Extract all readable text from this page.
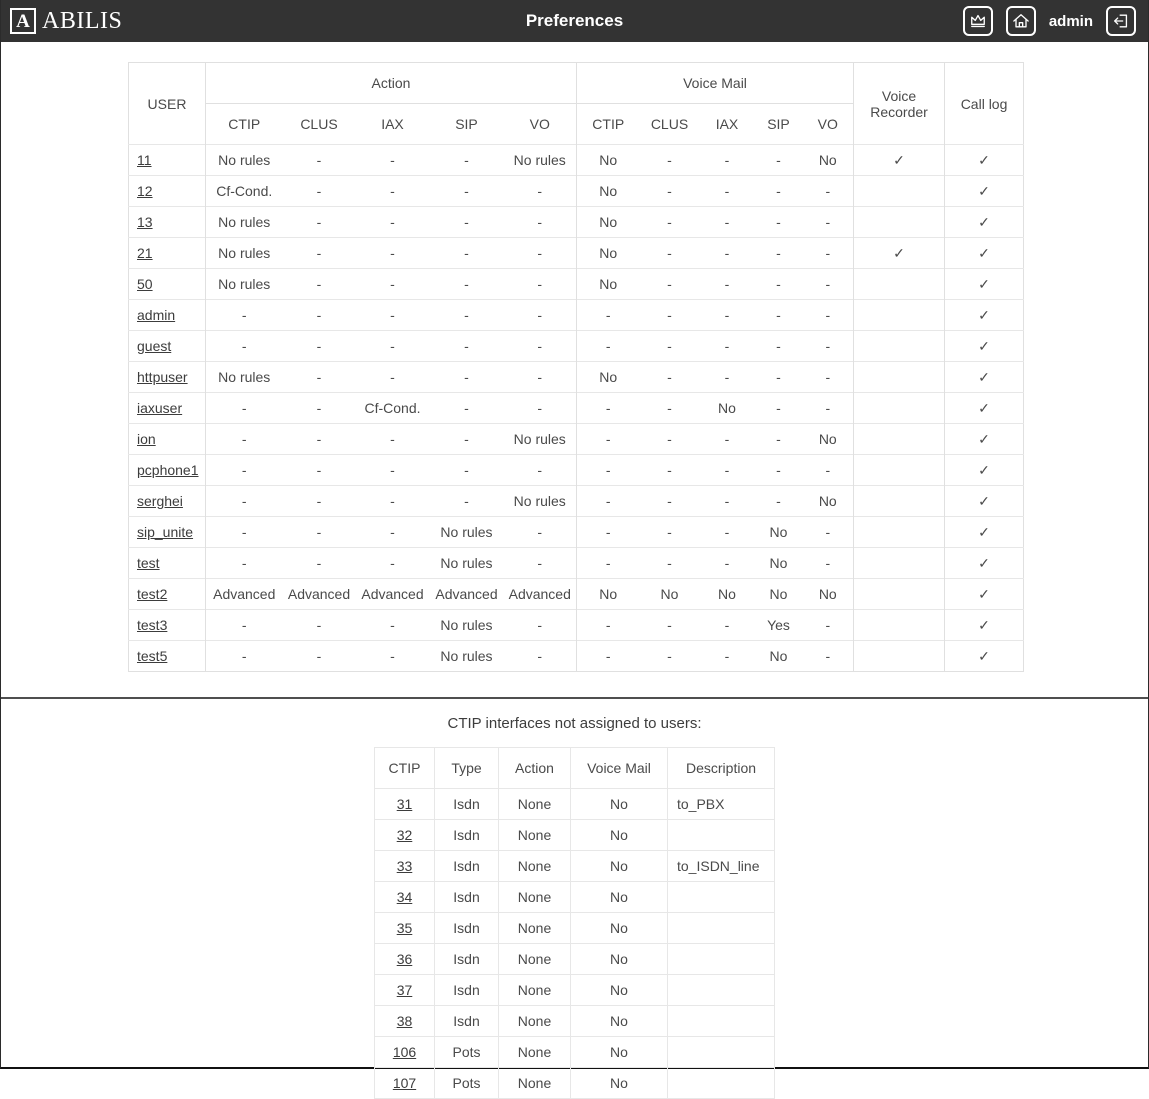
A ABILIS	Preferences	admin
USER	Action					Voice Mail					Voice Recorder	Call log
	CTIP	CLUS	IAX	SIP	VO	CTIP	CLUS	IAX	SIP	VO		
11	No rules	-	-	-	No rules	No	-	-	-	No	✓	✓
12	Cf-Cond.	-	-	-	-	No	-	-	-	-		✓
13	No rules	-	-	-	-	No	-	-	-	-		✓
21	No rules	-	-	-	-	No	-	-	-	-	✓	✓
50	No rules	-	-	-	-	No	-	-	-	-		✓
admin	-	-	-	-	-	-	-	-	-	-		✓
guest	-	-	-	-	-	-	-	-	-	-		✓
httpuser	No rules	-	-	-	-	No	-	-	-	-		✓
iaxuser	-	-	Cf-Cond.	-	-	-	-	No	-	-		✓
ion	-	-	-	-	No rules	-	-	-	-	No		✓
pcphone1	-	-	-	-	-	-	-	-	-	-		✓
serghei	-	-	-	-	No rules	-	-	-	-	No		✓
sip_unite	-	-	-	No rules	-	-	-	-	No	-		✓
test	-	-	-	No rules	-	-	-	-	No	-		✓
test2	Advanced	Advanced	Advanced	Advanced	Advanced	No	No	No	No	No		✓
test3	-	-	-	No rules	-	-	-	-	Yes	-		✓
test5	-	-	-	No rules	-	-	-	-	No	-		✓
CTIP interfaces not assigned to users:
CTIP	Type	Action	Voice Mail	Description
31	Isdn	None	No	to_PBX
32	Isdn	None	No	
33	Isdn	None	No	to_ISDN_line
34	Isdn	None	No	
35	Isdn	None	No	
36	Isdn	None	No	
37	Isdn	None	No	
38	Isdn	None	No	
106	Pots	None	No	
107	Pots	None	No	
